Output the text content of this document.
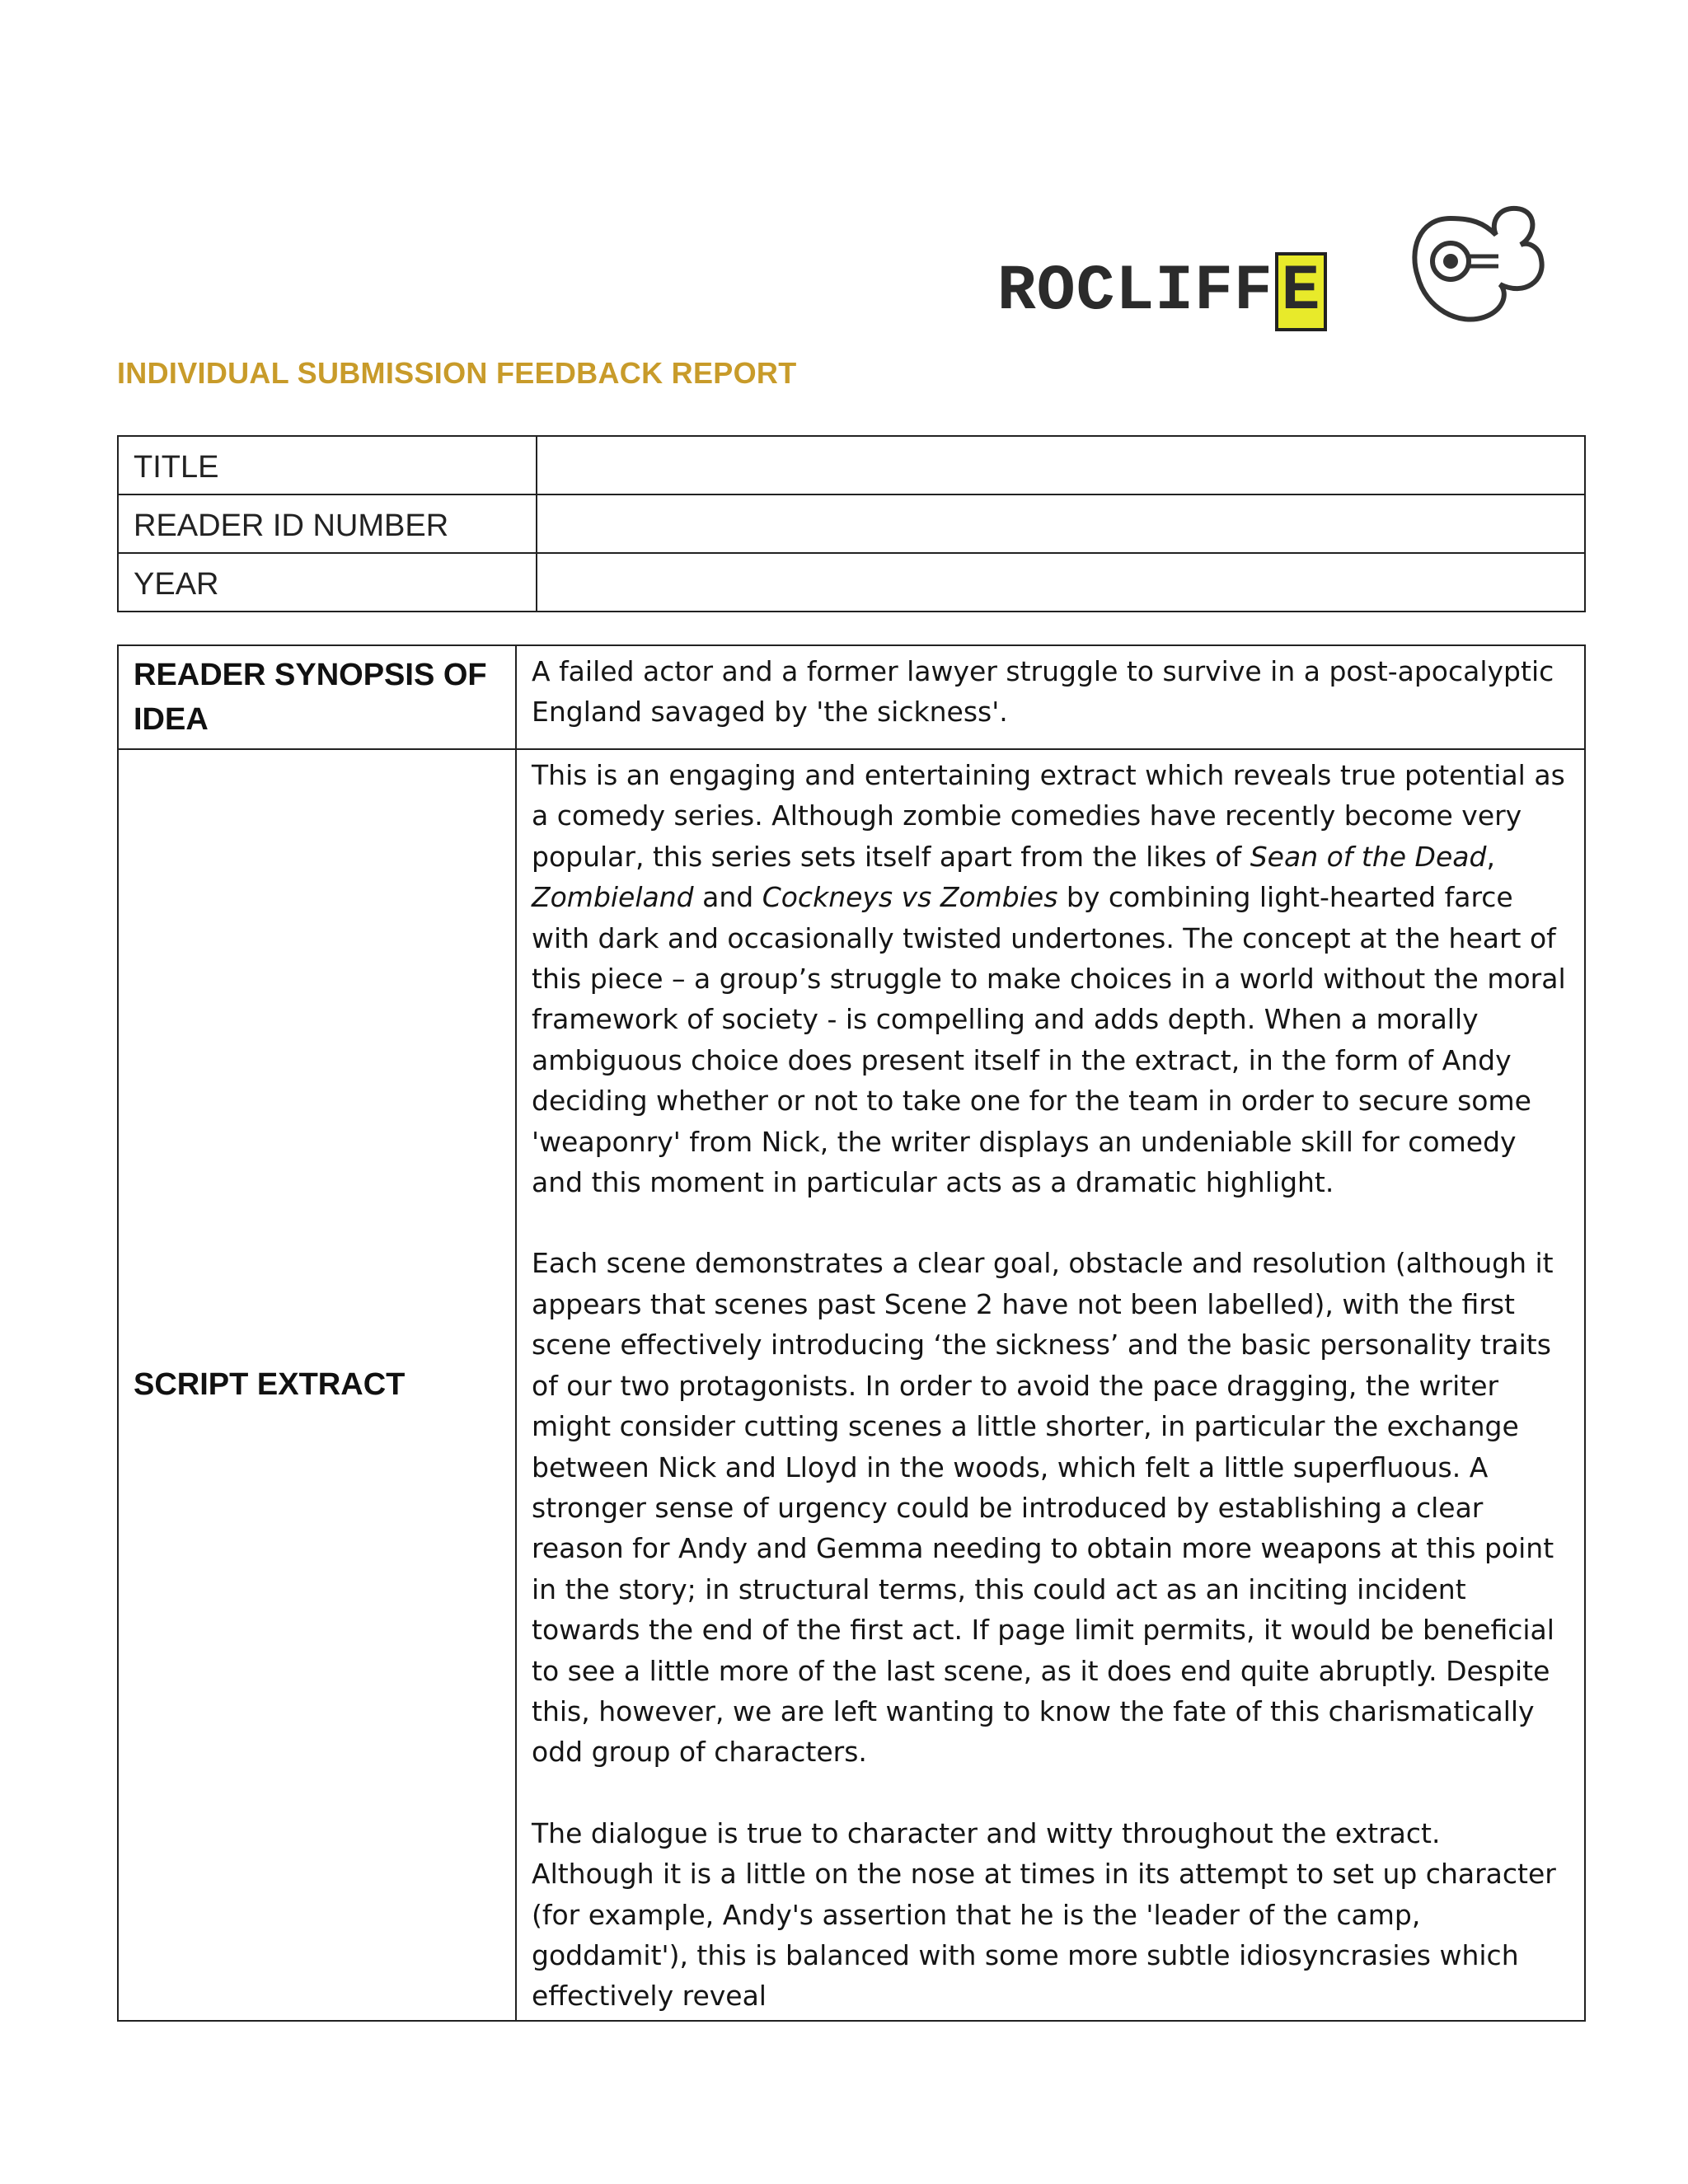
ROCLIFF E
INDIVIDUAL SUBMISSION FEEDBACK REPORT
TITLE	
READER ID NUMBER	
YEAR	
READER SYNOPSIS OF IDEA	A failed actor and a former lawyer struggle to survive in a post-apocalyptic England savaged by 'the sickness'.

SCRIPT EXTRACT	This is an engaging and entertaining extract which reveals true potential as a comedy series. Although zombie comedies have recently become very popular, this series sets itself apart from the likes of Sean of the Dead, Zombieland and Cockneys vs Zombies by combining light-hearted farce with dark and occasionally twisted undertones. The concept at the heart of this piece – a group’s struggle to make choices in a world without the moral framework of society - is compelling and adds depth. When a morally ambiguous choice does present itself in the extract, in the form of Andy deciding whether or not to take one for the team in order to secure some 'weaponry' from Nick, the writer displays an undeniable skill for comedy and this moment in particular acts as a dramatic highlight.

Each scene demonstrates a clear goal, obstacle and resolution (although it appears that scenes past Scene 2 have not been labelled), with the first scene effectively introducing ‘the sickness’ and the basic personality traits of our two protagonists. In order to avoid the pace dragging, the writer might consider cutting scenes a little shorter, in particular the exchange between Nick and Lloyd in the woods, which felt a little superfluous. A stronger sense of urgency could be introduced by establishing a clear reason for Andy and Gemma needing to obtain more weapons at this point in the story; in structural terms, this could act as an inciting incident towards the end of the first act. If page limit permits, it would be beneficial to see a little more of the last scene, as it does end quite abruptly. Despite this, however, we are left wanting to know the fate of this charismatically odd group of characters.

The dialogue is true to character and witty throughout the extract. Although it is a little on the nose at times in its attempt to set up character (for example, Andy's assertion that he is the 'leader of the camp, goddamit'), this is balanced with some more subtle idiosyncrasies which effectively reveal
